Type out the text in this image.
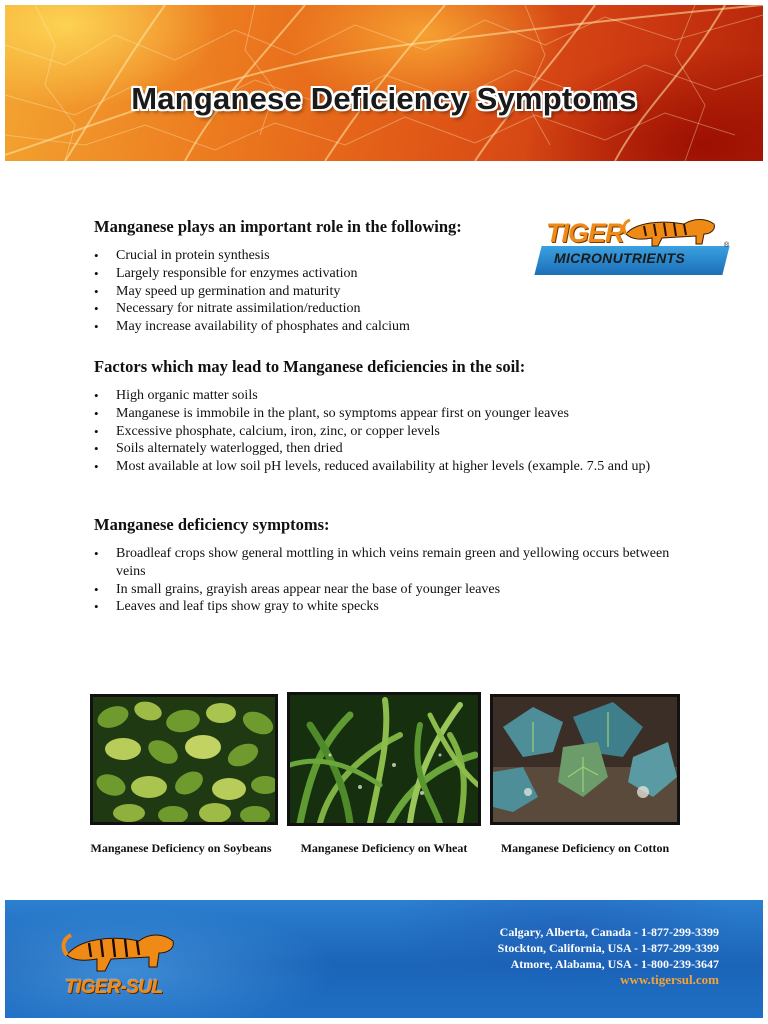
Manganese Deficiency Symptoms
TIGER
MICRONUTRIENTS
®
Manganese plays an important role in the following:
• Crucial in protein synthesis
• Largely responsible for enzymes activation
• May speed up germination and maturity
• Necessary for nitrate assimilation/reduction
• May increase availability of phosphates and calcium
Factors which may lead to Manganese deficiencies in the soil:
• High organic matter soils
• Manganese is immobile in the plant, so symptoms appear first on younger leaves
• Excessive phosphate, calcium, iron, zinc, or copper levels
• Soils alternately waterlogged, then dried
• Most available at low soil pH levels, reduced availability at higher levels (example. 7.5 and up)
Manganese deficiency symptoms:
• Broadleaf crops show general mottling in which veins remain green and yellowing occurs between veins
• In small grains, grayish areas appear near the base of younger leaves
• Leaves and leaf tips show gray to white specks
Manganese Deficiency on Soybeans	Manganese Deficiency on Wheat	Manganese Deficiency on Cotton
TIGER-SUL
Calgary, Alberta, Canada - 1-877-299-3399
Stockton, California, USA - 1-877-299-3399
Atmore, Alabama, USA - 1-800-239-3647
www.tigersul.com
